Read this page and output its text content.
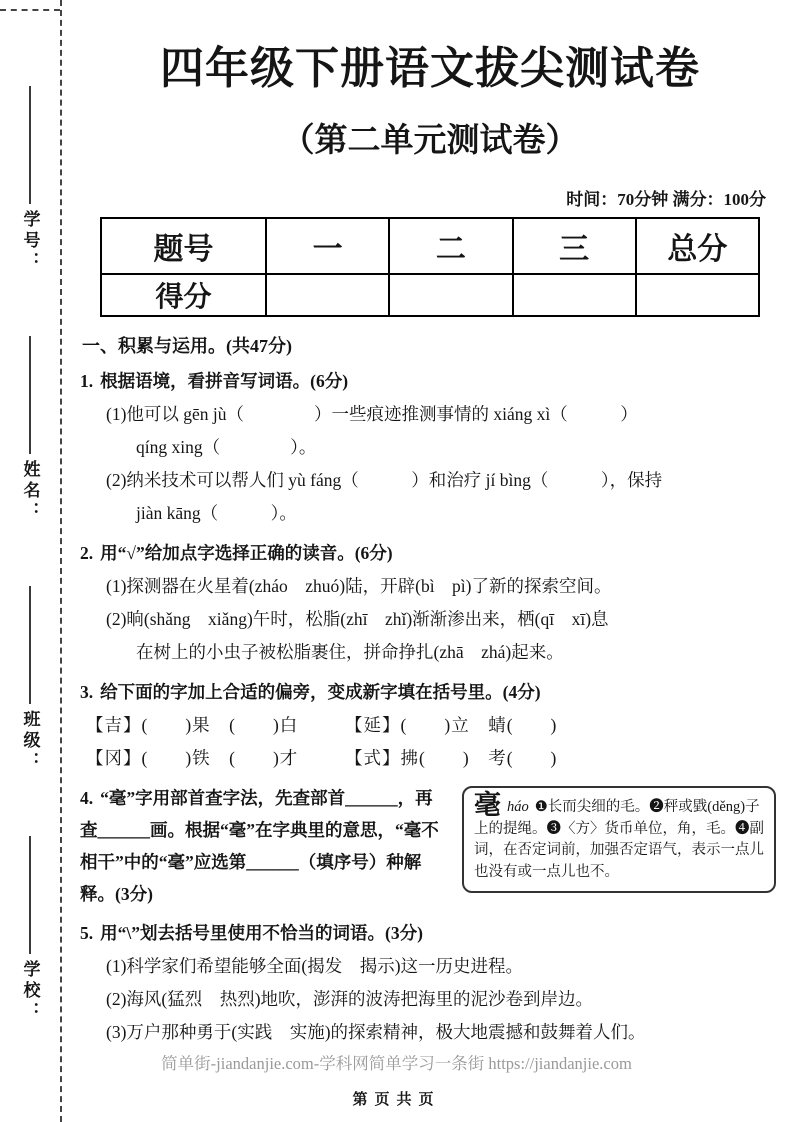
学号：
姓名：
班级：
学校：
四年级下册语文拔尖测试卷
（第二单元测试卷）
时间：70分钟 满分：100分
题号	一	二	三	总分
得分				
一、积累与运用。(共47分)
1. 根据语境，看拼音写词语。(6分)
(1)他可以 gēn jù（　　　　）一些痕迹推测事情的 xiáng xì（　　　）
qíng xing（　　　　）。
(2)纳米技术可以帮人们 yù fáng（　　　）和治疗 jí bìng（　　　），保持
jiàn kāng（　　　）。
2. 用“√”给加点字选择正确的读音。(6分)
(1)探测器在火星着(zháo　zhuó)陆，开辟(bì　pì)了新的探索空间。
(2)晌(shǎng　xiǎng)午时，松脂(zhī　zhǐ)渐渐渗出来，栖(qī　xī)息
在树上的小虫子被松脂裹住，拼命挣扎(zhā　zhá)起来。
3. 给下面的字加上合适的偏旁，变成新字填在括号里。(4分)
【吉】(　　)果　(　　)白　　　【延】(　　)立　蜻(　　)
【冈】(　　)铁　(　　)才　　　【式】拂(　　)　考(　　)
毫háo ❶长而尖细的毛。❷秤或戥(děng)子上的提绳。❸〈方〉货币单位，角，毛。❹副词，在否定词前，加强否定语气，表示一点儿也没有或一点儿也不。
4. “毫”字用部首查字法，先查部首______，再查______画。根据“毫”在字典里的意思，“毫不相干”中的“毫”应选第______（填序号）种解释。(3分)
5. 用“\”划去括号里使用不恰当的词语。(3分)
(1)科学家们希望能够全面(揭发　揭示)这一历史进程。
(2)海风(猛烈　热烈)地吹，澎湃的波涛把海里的泥沙卷到岸边。
(3)万户那种勇于(实践　实施)的探索精神，极大地震撼和鼓舞着人们。
简单街-jiandanjie.com-学科网简单学习一条街 https://jiandanjie.com
第页共页
